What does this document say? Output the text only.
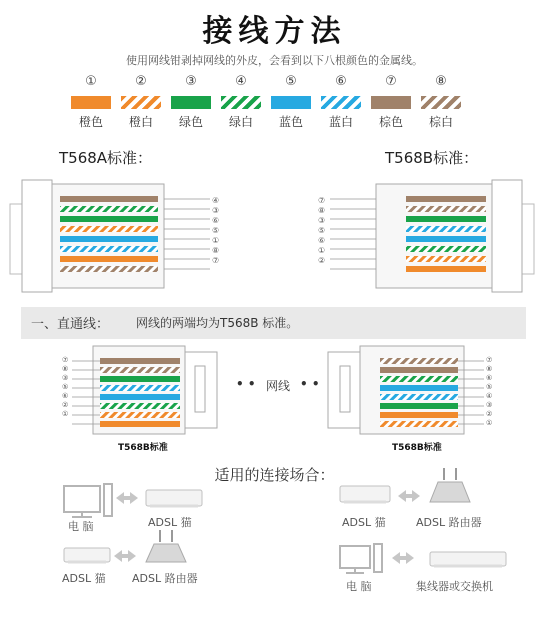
接线方法
使用网线钳剥掉网线的外皮，会看到以下八根颜色的金属线。
①	②	③	④	⑤	⑥	⑦	⑧
橙色	橙白	绿色	绿白	蓝色	蓝白	棕色	棕白
T568A标准：	T568B标准：
④
③
⑥
⑤
①
⑧
⑦
⑦
⑧
③
⑤
⑥
①
②
一、直通线： 网线的两端均为T568B 标准。
⑦
⑧
③
⑤
⑥
②
①
⑦
⑧
⑥
⑤
④
③
②
①
• • 网线 • •
T568B标准	T568B标准
适用的连接场合：
电 脑	ADSL 猫
ADSL 猫 ADSL 路由器
ADSL 猫	ADSL 路由器
电 脑	集线器或交换机
